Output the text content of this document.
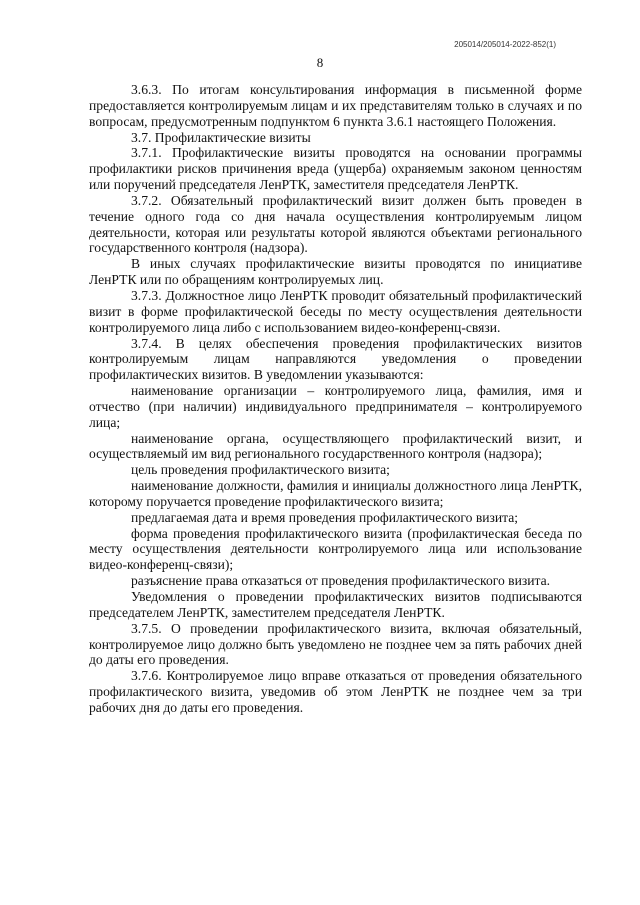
205014/205014-2022-852(1)
8

3.6.3. По итогам консультирования информация в письменной форме предоставляется контролируемым лицам и их представителям только в случаях и по вопросам, предусмотренным подпунктом 6 пункта 3.6.1 настоящего Положения.

3.7. Профилактические визиты

3.7.1. Профилактические визиты проводятся на основании программы профилактики рисков причинения вреда (ущерба) охраняемым законом ценностям или поручений председателя ЛенРТК, заместителя председателя ЛенРТК.

3.7.2. Обязательный профилактический визит должен быть проведен в течение одного года со дня начала осуществления контролируемым лицом деятельности, которая или результаты которой являются объектами регионального государственного контроля (надзора).

В иных случаях профилактические визиты проводятся по инициативе ЛенРТК или по обращениям контролируемых лиц.

3.7.3. Должностное лицо ЛенРТК проводит обязательный профилактический визит в форме профилактической беседы по месту осуществления деятельности контролируемого лица либо с использованием видео-конференц-связи.

3.7.4. В целях обеспечения проведения профилактических визитов контролируемым лицам направляются уведомления о проведении профилактических визитов. В уведомлении указываются:

наименование организации – контролируемого лица, фамилия, имя и отчество (при наличии) индивидуального предпринимателя – контролируемого лица;

наименование органа, осуществляющего профилактический визит, и осуществляемый им вид регионального государственного контроля (надзора);

цель проведения профилактического визита;

наименование должности, фамилия и инициалы должностного лица ЛенРТК, которому поручается проведение профилактического визита;

предлагаемая дата и время проведения профилактического визита;

форма проведения профилактического визита (профилактическая беседа по месту осуществления деятельности контролируемого лица или использование видео-конференц-связи);

разъяснение права отказаться от проведения профилактического визита.

Уведомления о проведении профилактических визитов подписываются председателем ЛенРТК, заместителем председателя ЛенРТК.

3.7.5. О проведении профилактического визита, включая обязательный, контролируемое лицо должно быть уведомлено не позднее чем за пять рабочих дней до даты его проведения.

3.7.6. Контролируемое лицо вправе отказаться от проведения обязательного профилактического визита, уведомив об этом ЛенРТК не позднее чем за три рабочих дня до даты его проведения.
